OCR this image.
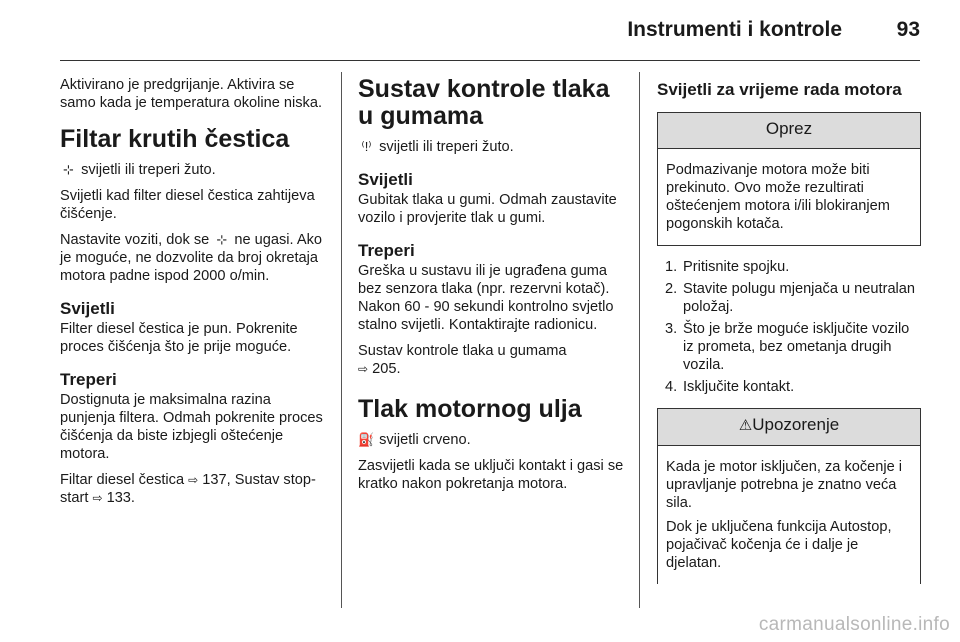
Instrumenti i kontrole	93

Aktivirano je predgrijanje. Aktivira se samo kada je temperatura okoline niska.

Filtar krutih čestica

⊹ svijetli ili treperi žuto.

Svijetli kad filter diesel čestica zahtijeva čišćenje.

Nastavite voziti, dok se ⊹ ne ugasi. Ako je moguće, ne dozvolite da broj okretaja motora padne ispod 2000 o/min.

Svijetli

Filter diesel čestica je pun. Pokrenite proces čišćenja što je prije moguće.

Treperi

Dostignuta je maksimalna razina punjenja filtera. Odmah pokrenite proces čišćenja da biste izbjegli oštećenje motora.

Filtar diesel čestica ⇨ 137, Sustav stop-start ⇨ 133.

Sustav kontrole tlaka u gumama

⁽!⁾ svijetli ili treperi žuto.

Svijetli

Gubitak tlaka u gumi. Odmah zaustavite vozilo i provjerite tlak u gumi.

Treperi

Greška u sustavu ili je ugrađena guma bez senzora tlaka (npr. rezervni kotač). Nakon 60 - 90 sekundi kontrolno svjetlo stalno svijetli. Kontaktirajte radionicu.

Sustav kontrole tlaka u gumama
⇨ 205.

Tlak motornog ulja

⛽ svijetli crveno.

Zasvijetli kada se uključi kontakt i gasi se kratko nakon pokretanja motora.

Svijetli za vrijeme rada motora
Oprez

Podmazivanje motora može biti prekinuto. Ovo može rezultirati oštećenjem motora i/ili blokiranjem pogonskih kotača.

1. Pritisnite spojku.
2. Stavite polugu mjenjača u neutralan položaj.
3. Što je brže moguće isključite vozilo iz prometa, bez ometanja drugih vozila.
4. Isključite kontakt.
⚠Upozorenje

Kada je motor isključen, za kočenje i upravljanje potrebna je znatno veća sila.

Dok je uključena funkcija Autostop, pojačivač kočenja će i dalje je djelatan.

carmanualsonline.info
